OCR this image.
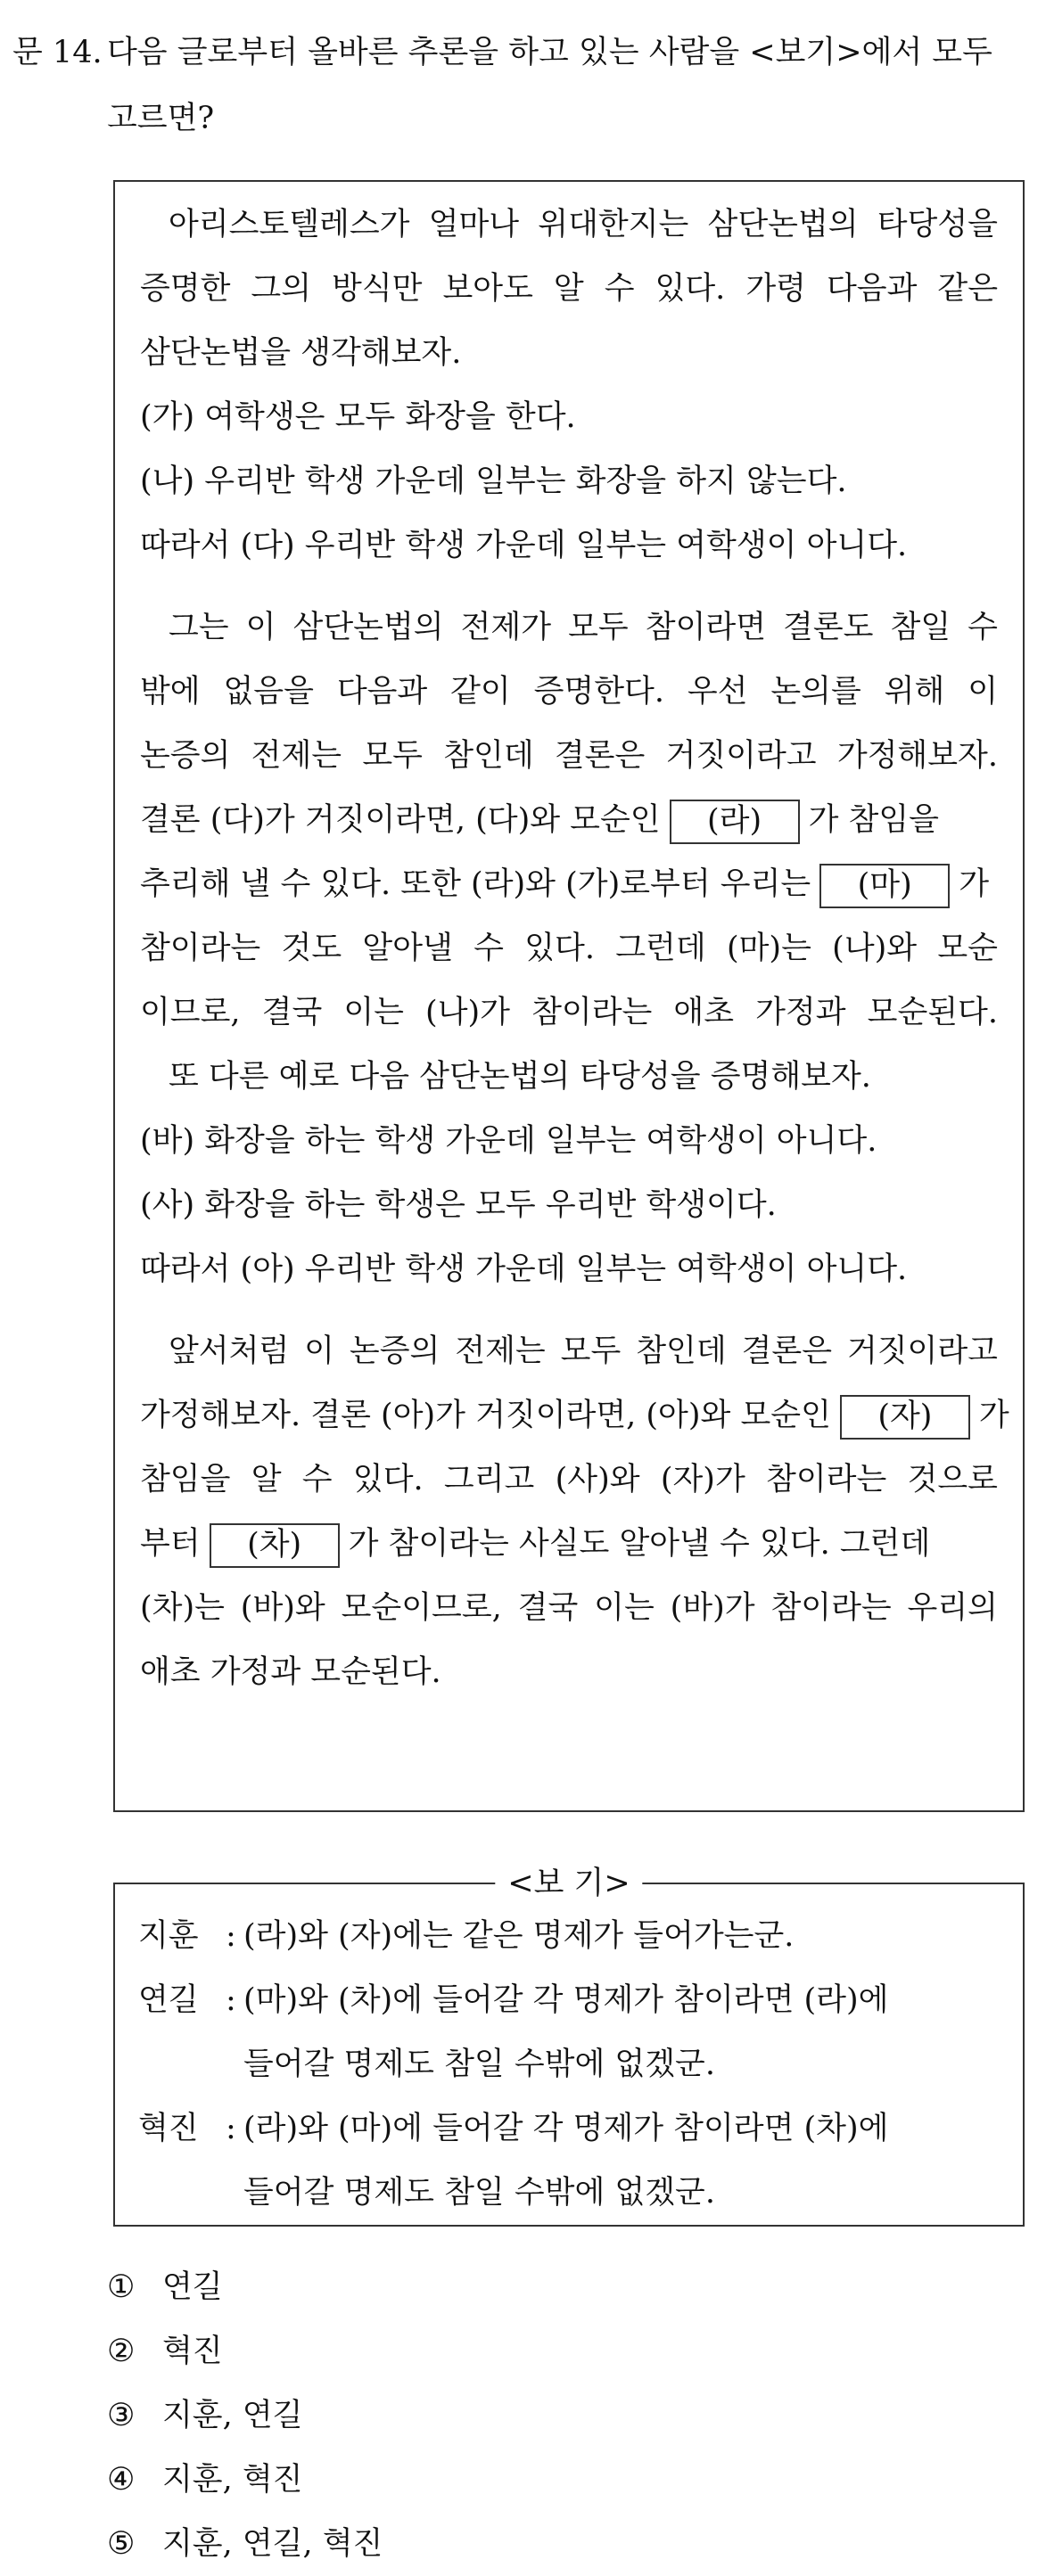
문 14. 다음 글로부터 올바른 추론을 하고 있는 사람을 <보기>에서 모두
고르면?
아리스토텔레스가 얼마나 위대한지는 삼단논법의 타당성을
증명한 그의 방식만 보아도 알 수 있다. 가령 다음과 같은
삼단논법을 생각해보자.
(가) 여학생은 모두 화장을 한다.
(나) 우리반 학생 가운데 일부는 화장을 하지 않는다.
따라서 (다) 우리반 학생 가운데 일부는 여학생이 아니다.
그는 이 삼단논법의 전제가 모두 참이라면 결론도 참일 수
밖에 없음을 다음과 같이 증명한다. 우선 논의를 위해 이
논증의 전제는 모두 참인데 결론은 거짓이라고 가정해보자.
결론 (다)가 거짓이라면, (다)와 모순인 (라) 가 참임을
추리해 낼 수 있다. 또한 (라)와 (가)로부터 우리는 (마) 가
참이라는 것도 알아낼 수 있다. 그런데 (마)는 (나)와 모순
이므로, 결국 이는 (나)가 참이라는 애초 가정과 모순된다.
또 다른 예로 다음 삼단논법의 타당성을 증명해보자.
(바) 화장을 하는 학생 가운데 일부는 여학생이 아니다.
(사) 화장을 하는 학생은 모두 우리반 학생이다.
따라서 (아) 우리반 학생 가운데 일부는 여학생이 아니다.
앞서처럼 이 논증의 전제는 모두 참인데 결론은 거짓이라고
가정해보자. 결론 (아)가 거짓이라면, (아)와 모순인 (자) 가
참임을 알 수 있다. 그리고 (사)와 (자)가 참이라는 것으로
부터 (차) 가 참이라는 사실도 알아낼 수 있다. 그런데
(차)는 (바)와 모순이므로, 결국 이는 (바)가 참이라는 우리의
애초 가정과 모순된다.
<보 기>
지훈 : (라)와 (자)에는 같은 명제가 들어가는군.
연길 : (마)와 (차)에 들어갈 각 명제가 참이라면 (라)에
들어갈 명제도 참일 수밖에 없겠군.
혁진 : (라)와 (마)에 들어갈 각 명제가 참이라면 (차)에
들어갈 명제도 참일 수밖에 없겠군.
① 연길
② 혁진
③ 지훈, 연길
④ 지훈, 혁진
⑤ 지훈, 연길, 혁진
